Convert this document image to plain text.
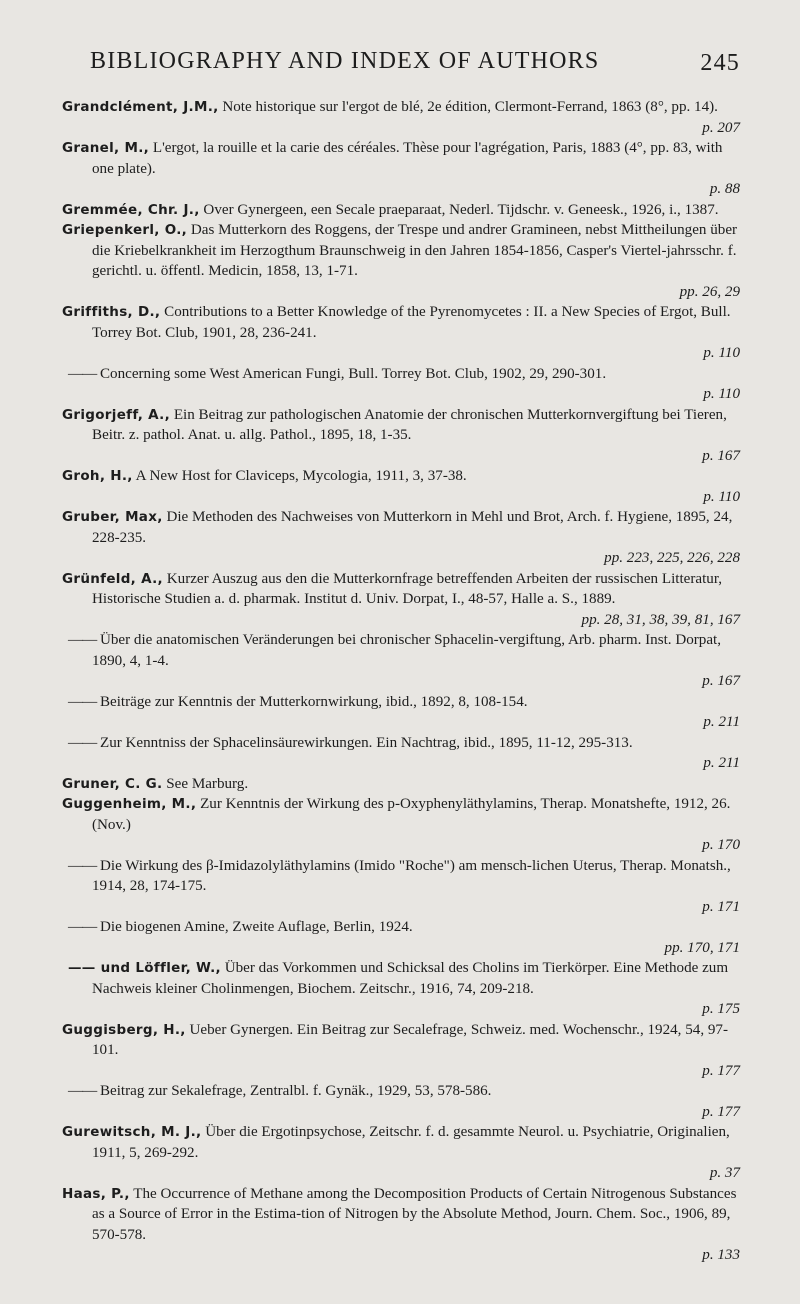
BIBLIOGRAPHY AND INDEX OF AUTHORS	245

Grandclément, J.M., Note historique sur l'ergot de blé, 2e édition, Clermont-Ferrand, 1863 (8°, pp. 14).
p. 207

Granel, M., L'ergot, la rouille et la carie des céréales. Thèse pour l'agrégation, Paris, 1883 (4°, pp. 83, with one plate).
p. 88

Gremmée, Chr. J., Over Gynergeen, een Secale praeparaat, Nederl. Tijdschr. v. Geneesk., 1926, i., 1387.

Griepenkerl, O., Das Mutterkorn des Roggens, der Trespe und andrer Gramineen, nebst Mittheilungen über die Kriebelkrankheit im Herzogthum Braunschweig in den Jahren 1854-1856, Casper's Viertel-jahrsschr. f. gerichtl. u. öffentl. Medicin, 1858, 13, 1-71.
pp. 26, 29

Griffiths, D., Contributions to a Better Knowledge of the Pyrenomycetes : II. a New Species of Ergot, Bull. Torrey Bot. Club, 1901, 28, 236-241.
p. 110

—— Concerning some West American Fungi, Bull. Torrey Bot. Club, 1902, 29, 290-301.
p. 110

Grigorjeff, A., Ein Beitrag zur pathologischen Anatomie der chronischen Mutterkornvergiftung bei Tieren, Beitr. z. pathol. Anat. u. allg. Pathol., 1895, 18, 1-35.
p. 167

Groh, H., A New Host for Claviceps, Mycologia, 1911, 3, 37-38.
p. 110

Gruber, Max, Die Methoden des Nachweises von Mutterkorn in Mehl und Brot, Arch. f. Hygiene, 1895, 24, 228-235.
pp. 223, 225, 226, 228

Grünfeld, A., Kurzer Auszug aus den die Mutterkornfrage betreffenden Arbeiten der russischen Litteratur, Historische Studien a. d. pharmak. Institut d. Univ. Dorpat, I., 48-57, Halle a. S., 1889.
pp. 28, 31, 38, 39, 81, 167

—— Über die anatomischen Veränderungen bei chronischer Sphacelin-vergiftung, Arb. pharm. Inst. Dorpat, 1890, 4, 1-4.
p. 167

—— Beiträge zur Kenntnis der Mutterkornwirkung, ibid., 1892, 8, 108-154.
p. 211

—— Zur Kenntniss der Sphacelinsäurewirkungen. Ein Nachtrag, ibid., 1895, 11-12, 295-313.
p. 211

Gruner, C. G. See Marburg.

Guggenheim, M., Zur Kenntnis der Wirkung des p-Oxyphenyläthylamins, Therap. Monatshefte, 1912, 26. (Nov.)
p. 170

—— Die Wirkung des β-Imidazolyläthylamins (Imido "Roche") am mensch-lichen Uterus, Therap. Monatsh., 1914, 28, 174-175.
p. 171

—— Die biogenen Amine, Zweite Auflage, Berlin, 1924.
pp. 170, 171

—— und Löffler, W., Über das Vorkommen und Schicksal des Cholins im Tierkörper. Eine Methode zum Nachweis kleiner Cholinmengen, Biochem. Zeitschr., 1916, 74, 209-218.
p. 175

Guggisberg, H., Ueber Gynergen. Ein Beitrag zur Secalefrage, Schweiz. med. Wochenschr., 1924, 54, 97-101.
p. 177

—— Beitrag zur Sekalefrage, Zentralbl. f. Gynäk., 1929, 53, 578-586.
p. 177

Gurewitsch, M. J., Über die Ergotinpsychose, Zeitschr. f. d. gesammte Neurol. u. Psychiatrie, Originalien, 1911, 5, 269-292.
p. 37

Haas, P., The Occurrence of Methane among the Decomposition Products of Certain Nitrogenous Substances as a Source of Error in the Estima-tion of Nitrogen by the Absolute Method, Journ. Chem. Soc., 1906, 89, 570-578.
p. 133
